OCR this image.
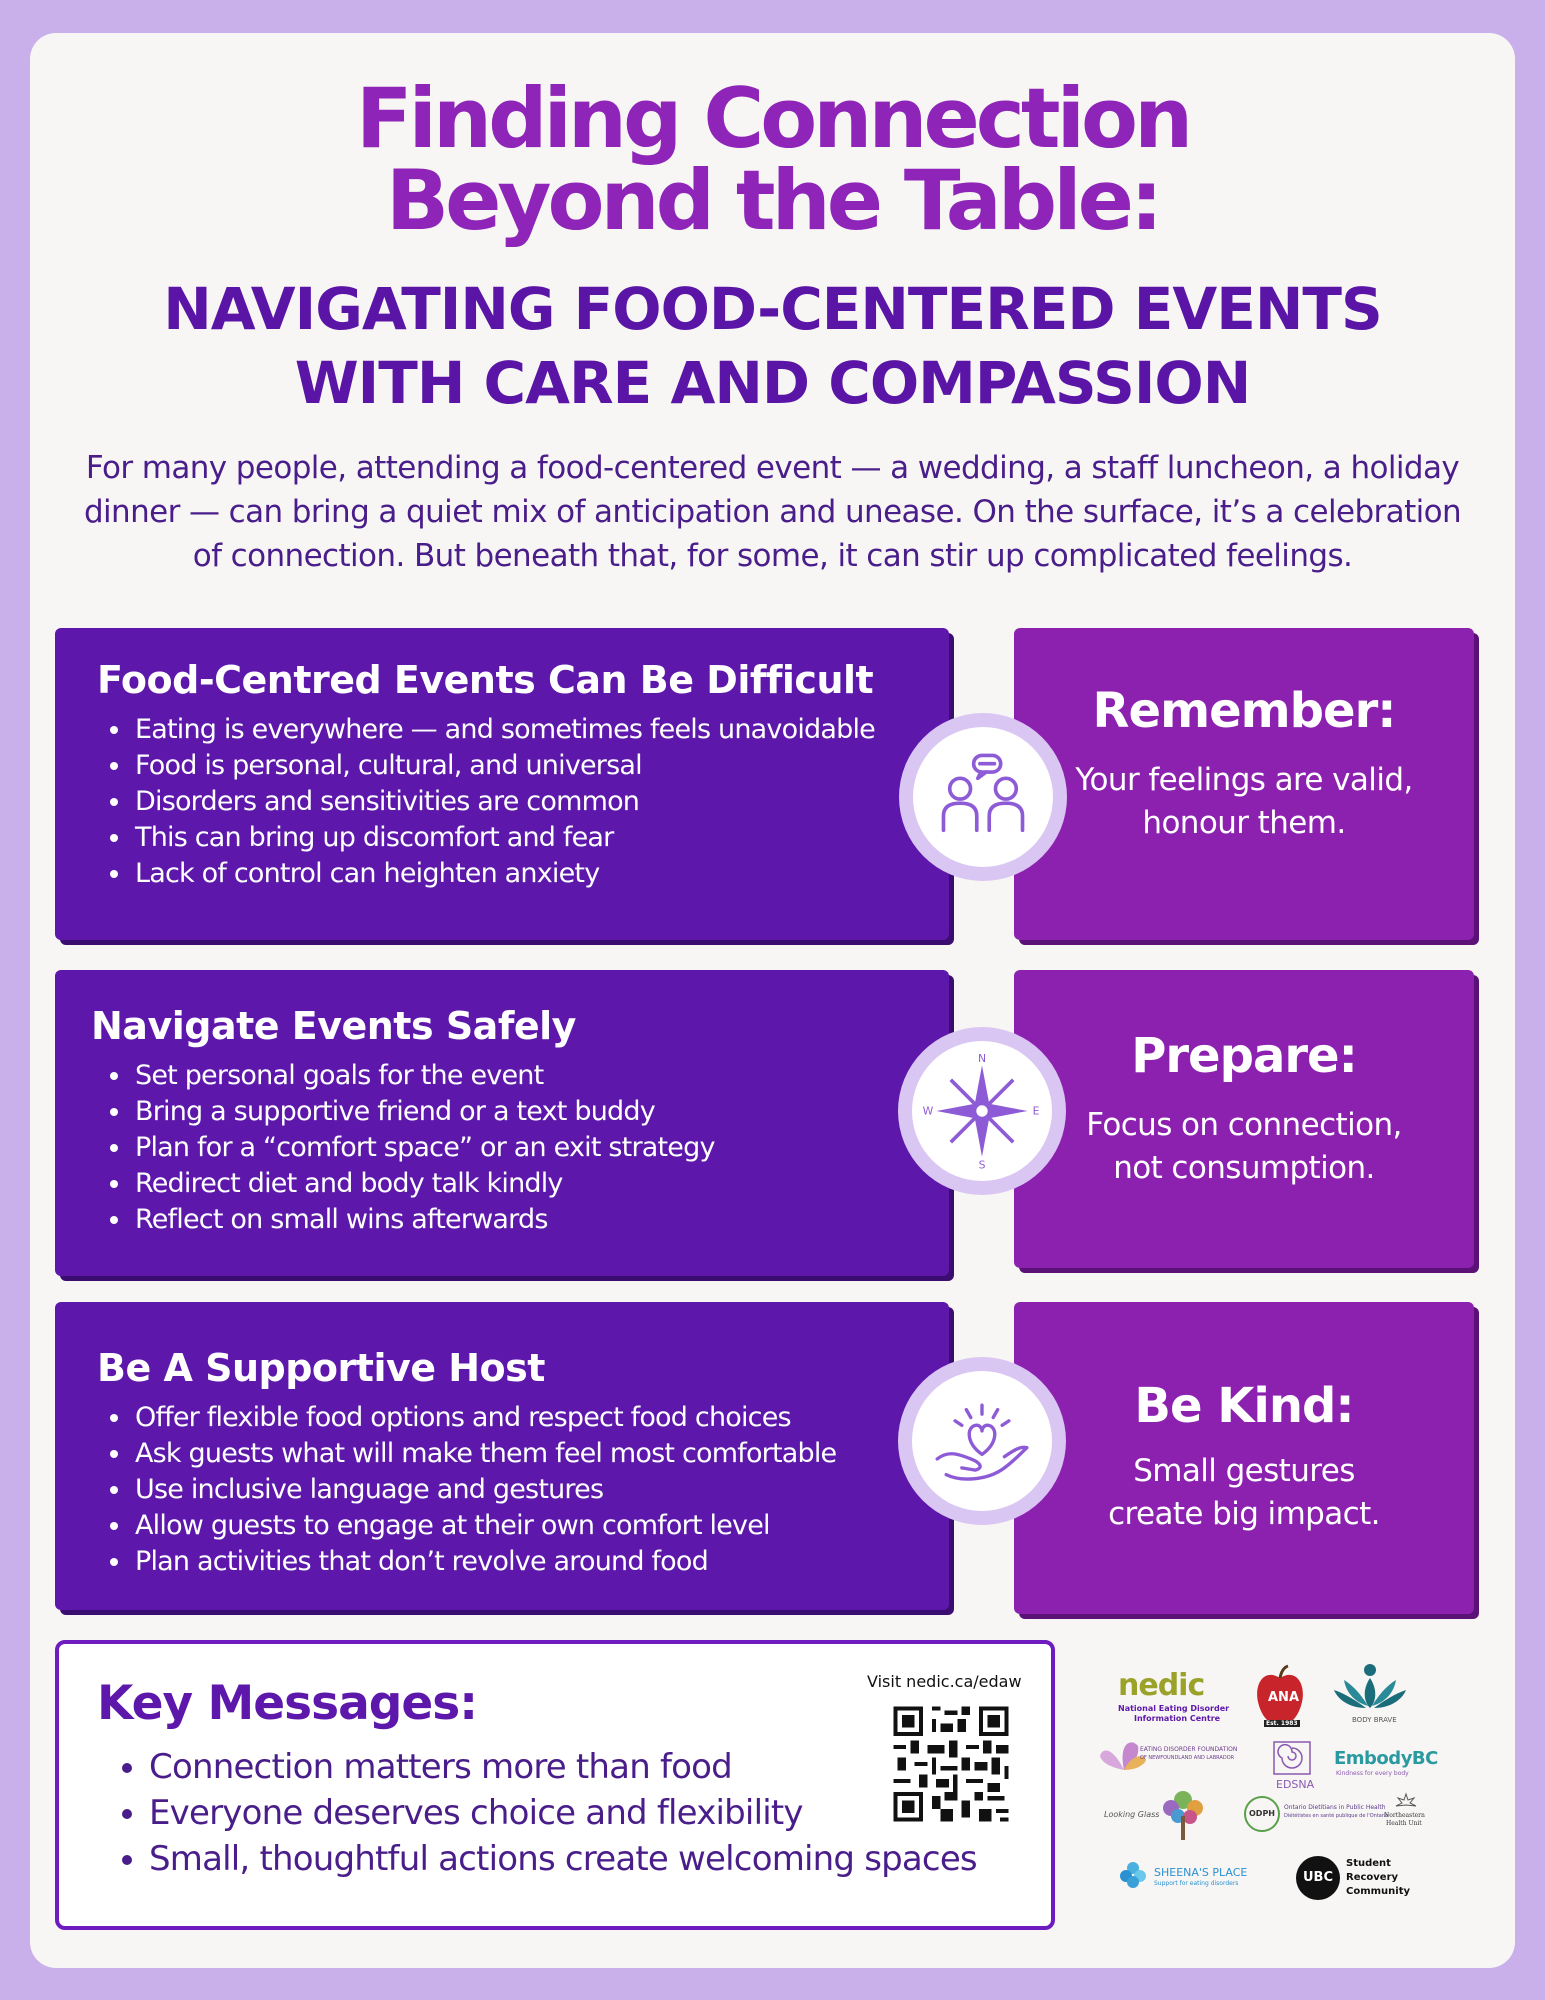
Finding Connection
Beyond the Table:
NAVIGATING FOOD-CENTERED EVENTS
WITH CARE AND COMPASSION

For many people, attending a food-centered event — a wedding, a staff luncheon, a holiday dinner — can bring a quiet mix of anticipation and unease. On the surface, it’s a celebration of connection. But beneath that, for some, it can stir up complicated feelings.

Food-Centred Events Can Be Difficult
• Eating is everywhere — and sometimes feels unavoidable
• Food is personal, cultural, and universal
• Disorders and sensitivities are common
• This can bring up discomfort and fear
• Lack of control can heighten anxiety
Remember:

Your feelings are valid,
honour them.

Navigate Events Safely
• Set personal goals for the event
• Bring a supportive friend or a text buddy
• Plan for a “comfort space” or an exit strategy
• Redirect diet and body talk kindly
• Reflect on small wins afterwards
Prepare:

Focus on connection,
not consumption.

N
S
W	E
Be A Supportive Host
• Offer flexible food options and respect food choices
• Ask guests what will make them feel most comfortable
• Use inclusive language and gestures
• Allow guests to engage at their own comfort level
• Plan activities that don’t revolve around food
Be Kind:

Small gestures
create big impact.

Key Messages:
• Connection matters more than food
• Everyone deserves choice and flexibility
• Small, thoughtful actions create welcoming spaces
Visit nedic.ca/edaw	nedic
National Eating Disorder
Information Centre
ANA
Est. 1983	BODY BRAVE
EATING DISORDER FOUNDATION
OF NEWFOUNDLAND AND LABRADOR
EDSNA
EmbodyBC
Kindness for every body
Looking Glass	ODPH
Ontario Dietitians in Public Health
Diététistes en santé publique de l'Ontario
Northeastern
Health Unit
SHEENA'S PLACE
Support for eating disorders	UBC
Student
Recovery
Community
